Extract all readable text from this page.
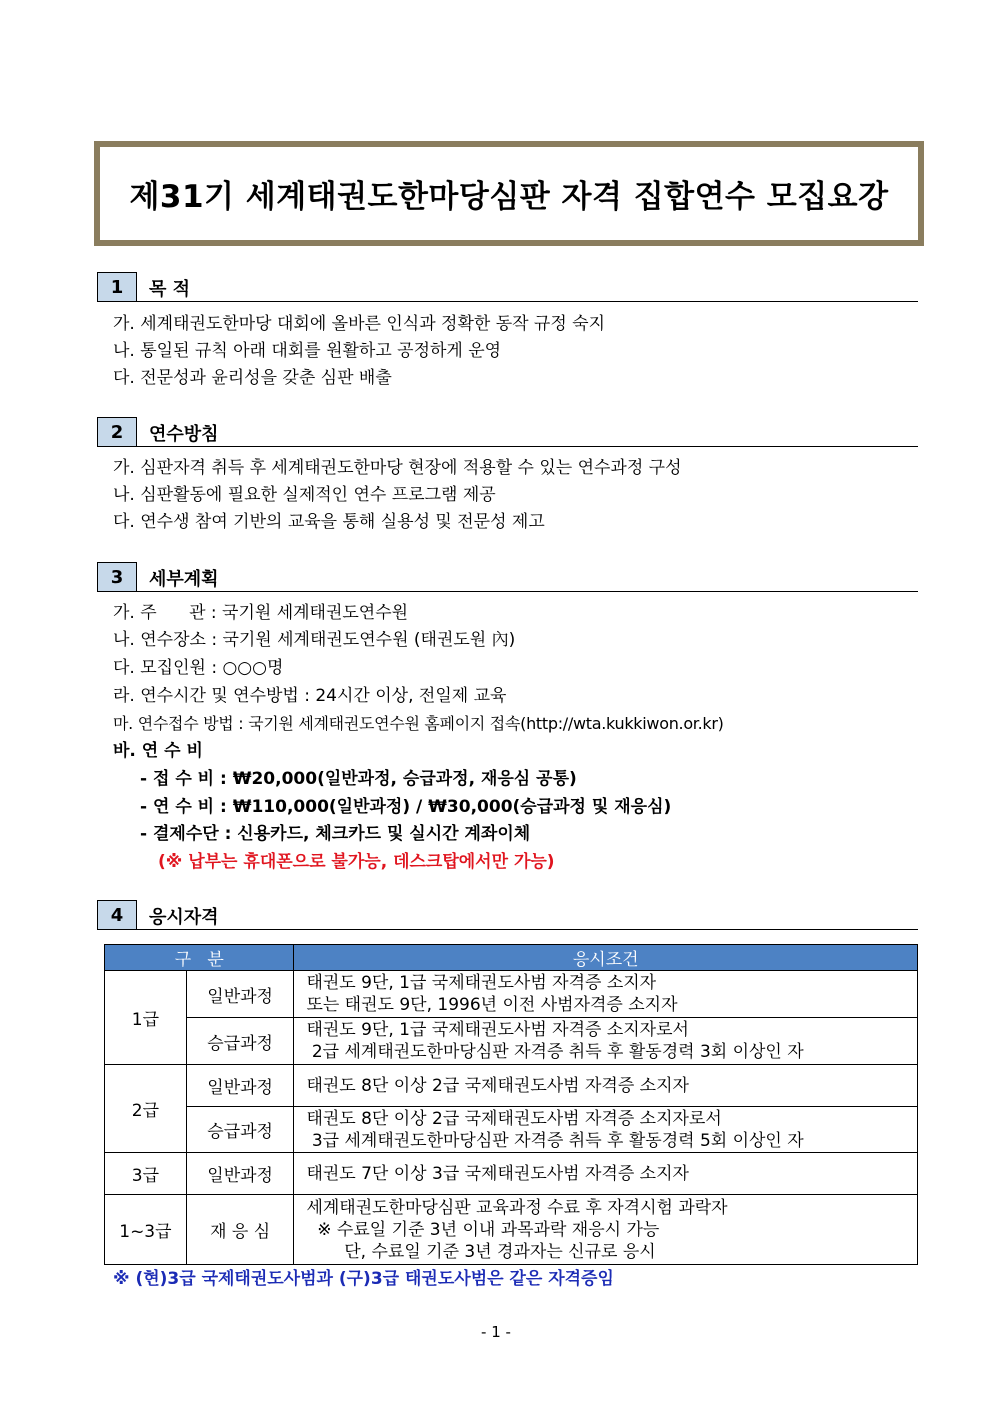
제31기 세계태권도한마당심판 자격 집합연수 모집요강
1	목 적
가. 세계태권도한마당 대회에 올바른 인식과 정확한 동작 규정 숙지
나. 통일된 규칙 아래 대회를 원활하고 공정하게 운영
다. 전문성과 윤리성을 갖춘 심판 배출
2	연수방침
가. 심판자격 취득 후 세계태권도한마당 현장에 적용할 수 있는 연수과정 구성
나. 심판활동에 필요한 실제적인 연수 프로그램 제공
다. 연수생 참여 기반의 교육을 통해 실용성 및 전문성 제고
3	세부계획
가. 주      관 : 국기원 세계태권도연수원
나. 연수장소 : 국기원 세계태권도연수원 (태권도원 內)
다. 모집인원 : ○○○명
라. 연수시간 및 연수방법 : 24시간 이상, 전일제 교육
마. 연수접수 방법 : 국기원 세계태권도연수원 홈페이지 접속(http://wta.kukkiwon.or.kr)
바. 연 수 비
- 접 수 비 : ₩20,000(일반과정, 승급과정, 재응심 공통)
- 연 수 비 : ₩110,000(일반과정) / ₩30,000(승급과정 및 재응심)
- 결제수단 : 신용카드, 체크카드 및 실시간 계좌이체
(※ 납부는 휴대폰으로 불가능, 데스크탑에서만 가능)
4	응시자격
구   분		응시조건
1급	일반과정	태권도 9단, 1급 국제태권도사범 자격증 소지자
또는 태권도 9단, 1996년 이전 사범자격증 소지자

	승급과정	태권도 9단, 1급 국제태권도사범 자격증 소지자로서
2급 세계태권도한마당심판 자격증 취득 후 활동경력 3회 이상인 자

2급	일반과정	태권도 8단 이상 2급 국제태권도사범 자격증 소지자

	승급과정	태권도 8단 이상 2급 국제태권도사범 자격증 소지자로서
3급 세계태권도한마당심판 자격증 취득 후 활동경력 5회 이상인 자

3급	일반과정	태권도 7단 이상 3급 국제태권도사범 자격증 소지자

1~3급	재 응 심	세계태권도한마당심판 교육과정 수료 후 자격시험 과락자
※ 수료일 기준 3년 이내 과목과락 재응시 가능
단, 수료일 기준 3년 경과자는 신규로 응시
※ (현)3급 국제태권도사범과 (구)3급 태권도사범은 같은 자격증임
- 1 -
